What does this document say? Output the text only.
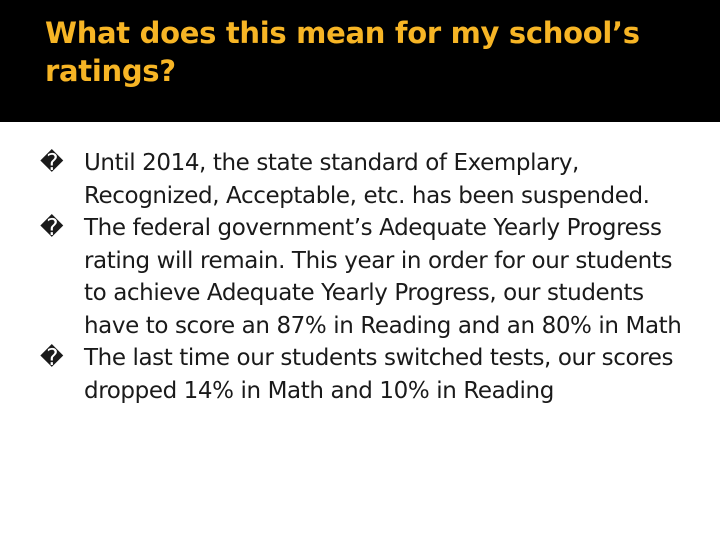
What does this mean for my school’s ratings?
� Until 2014, the state standard of Exemplary, Recognized, Acceptable, etc. has been suspended.
� The federal government’s Adequate Yearly Progress rating will remain. This year in order for our students to achieve Adequate Yearly Progress, our students have to score an 87% in Reading and an 80% in Math
� The last time our students switched tests, our scores dropped 14% in Math and 10% in Reading
